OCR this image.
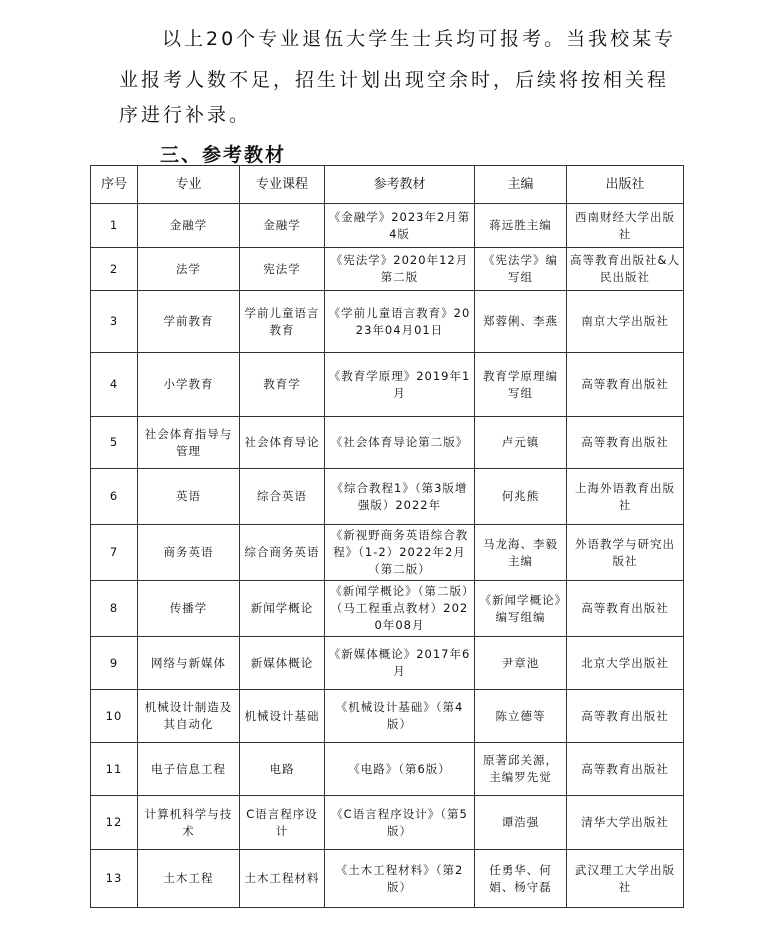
以上20个专业退伍大学生士兵均可报考。当我校某专
业报考人数不足，招生计划出现空余时，后续将按相关程
序进行补录。
三、参考教材
序号	专业	专业课程	参考教材	主编	出版社
1	金融学	金融学	《金融学》2023年2月第4版	蒋远胜主编	西南财经大学出版社
2	法学	宪法学	《宪法学》2020年12月第二版	《宪法学》编写组	高等教育出版社&人民出版社
3	学前教育	学前儿童语言教育	《学前儿童语言教育》2023年04月01日	郑蓉俐、李燕	南京大学出版社
4	小学教育	教育学	《教育学原理》2019年1月	教育学原理编写组	高等教育出版社
5	社会体育指导与管理	社会体育导论	《社会体育导论第二版》	卢元镇	高等教育出版社
6	英语	综合英语	《综合教程1》（第3版增强版）2022年	何兆熊	上海外语教育出版社
7	商务英语	综合商务英语	《新视野商务英语综合教程》（1-2）2022年2月（第二版）	马龙海、李毅主编	外语教学与研究出版社
8	传播学	新闻学概论	《新闻学概论》（第二版）（马工程重点教材）2020年08月	《新闻学概论》编写组编	高等教育出版社
9	网络与新媒体	新媒体概论	《新媒体概论》2017年6月	尹章池	北京大学出版社
10	机械设计制造及其自动化	机械设计基础	《机械设计基础》（第4版）	陈立德等	高等教育出版社
11	电子信息工程	电路	《电路》（第6版）	原著邱关源，主编罗先觉	高等教育出版社
12	计算机科学与技术	C语言程序设计	《C语言程序设计》（第5版）	谭浩强	清华大学出版社
13	土木工程	土木工程材料	《土木工程材料》（第2版）	任勇华、何娟、杨守磊	武汉理工大学出版社
